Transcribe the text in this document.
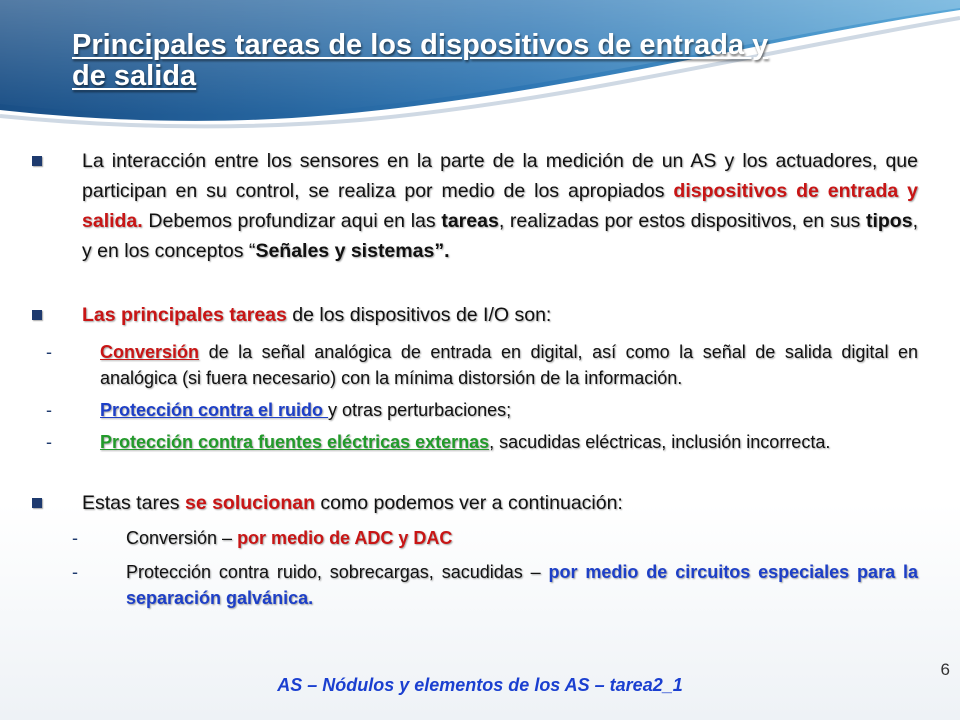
Principales tareas de los dispositivos de entrada y de salida

La interacción entre los sensores en la parte de la medición de un AS y los actuadores, que participan en su control, se realiza por medio de los apropiados dispositivos de entrada y salida. Debemos profundizar aqui en las tareas, realizadas por estos dispositivos, en sus tipos, y en los conceptos “Señales y sistemas”.

Las principales tareas de los dispositivos de I/O son:

-	Conversión de la señal analógica de entrada en digital, así como la señal de salida digital en analógica (si fuera necesario) con la mínima distorsión de la información.

-	Protección contra el ruido y otras perturbaciones;

-	Protección contra fuentes eléctricas externas, sacudidas eléctricas, inclusión incorrecta.

Estas tares se solucionan como podemos ver a continuación:

-	Conversión – por medio de ADC y DAC

-	Protección contra ruido, sobrecargas, sacudidas – por medio de circuitos especiales para la separación galvánica.

6
AS – Nódulos y elementos de los AS – tarea2_1
